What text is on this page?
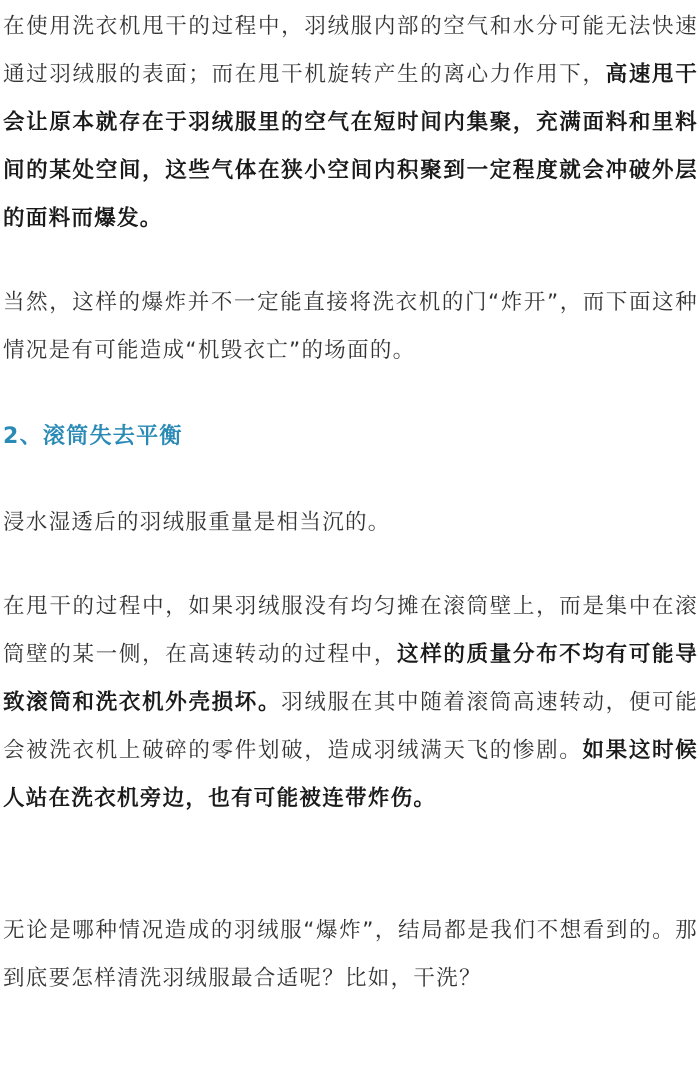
在使用洗衣机甩干的过程中，羽绒服内部的空气和水分可能无法快速通过羽绒服的表面；而在甩干机旋转产生的离心力作用下，高速甩干会让原本就存在于羽绒服里的空气在短时间内集聚，充满面料和里料间的某处空间，这些气体在狭小空间内积聚到一定程度就会冲破外层的面料而爆发。

当然，这样的爆炸并不一定能直接将洗衣机的门“炸开”，而下面这种情况是有可能造成“机毁衣亡”的场面的。

2、滚筒失去平衡

浸水湿透后的羽绒服重量是相当沉的。

在甩干的过程中，如果羽绒服没有均匀摊在滚筒壁上，而是集中在滚筒壁的某一侧，在高速转动的过程中，这样的质量分布不均有可能导致滚筒和洗衣机外壳损坏。羽绒服在其中随着滚筒高速转动，便可能会被洗衣机上破碎的零件划破，造成羽绒满天飞的惨剧。如果这时候人站在洗衣机旁边，也有可能被连带炸伤。

无论是哪种情况造成的羽绒服“爆炸”，结局都是我们不想看到的。那到底要怎样清洗羽绒服最合适呢？比如，干洗？
